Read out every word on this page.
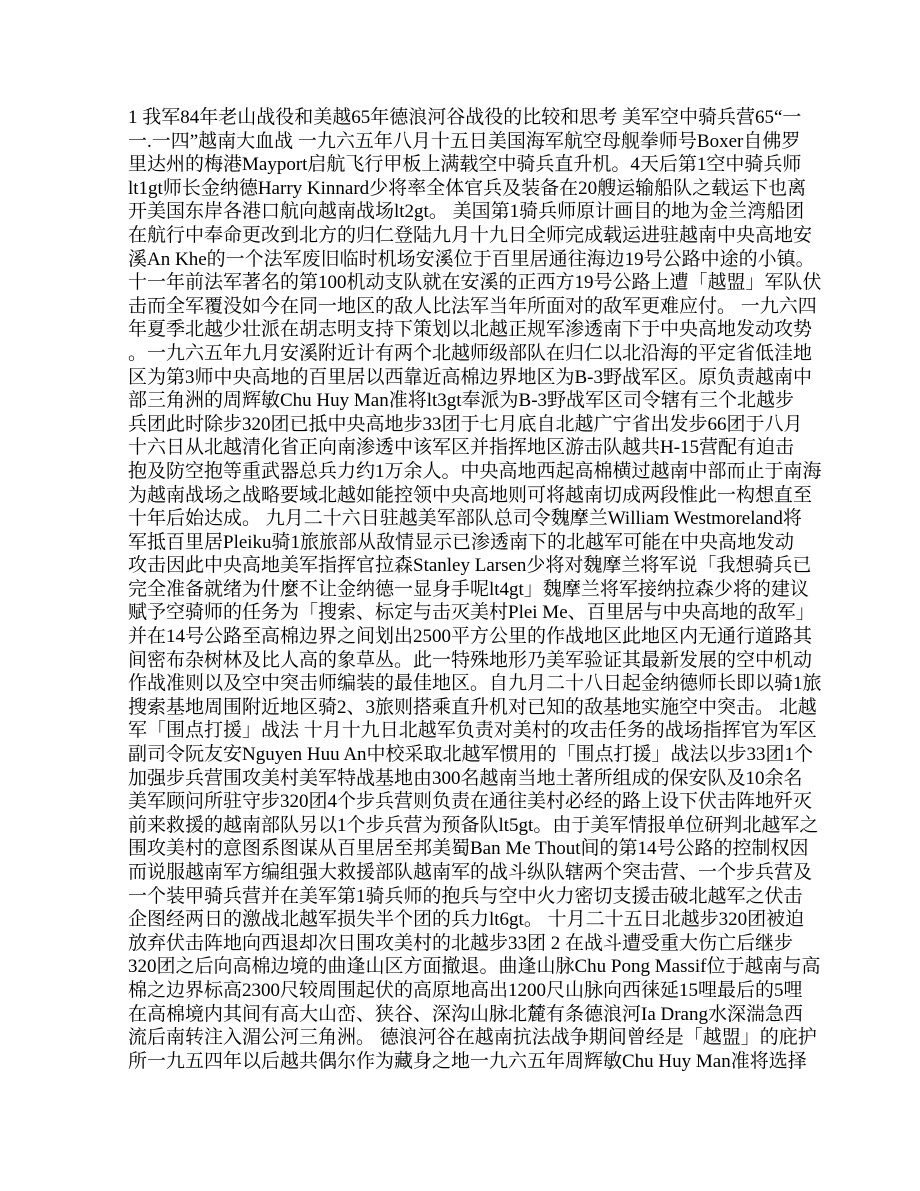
1 我军84年老山战役和美越65年德浪河谷战役的比较和思考 美军空中骑兵营65“一
一.一四”越南大血战 一九六五年八月十五日美国海军航空母舰拳师号Boxer自佛罗
里达州的梅港Mayport启航飞行甲板上满载空中骑兵直升机。4天后第1空中骑兵师
lt1gt师长金纳德Harry Kinnard少将率全体官兵及装备在20艘运输船队之载运下也离
开美国东岸各港口航向越南战场lt2gt。 美国第1骑兵师原计画目的地为金兰湾船团
在航行中奉命更改到北方的归仁登陆九月十九日全师完成载运进驻越南中央高地安
溪An Khe的一个法军废旧临时机场安溪位于百里居通往海边19号公路中途的小镇。
十一年前法军著名的第100机动支队就在安溪的正西方19号公路上遭「越盟」军队伏
击而全军覆没如今在同一地区的敌人比法军当年所面对的敌军更难应付。 一九六四
年夏季北越少壮派在胡志明支持下策划以北越正规军渗透南下于中央高地发动攻势
。一九六五年九月安溪附近计有两个北越师级部队在归仁以北沿海的平定省低洼地
区为第3师中央高地的百里居以西靠近高棉边界地区为B-3野战军区。原负责越南中
部三角洲的周辉敏Chu Huy Man准将lt3gt奉派为B-3野战军区司令辖有三个北越步
兵团此时除步320团已抵中央高地步33团于七月底自北越广宁省出发步66团于八月
十六日从北越清化省正向南渗透中该军区并指挥地区游击队越共H-15营配有迫击
抱及防空抱等重武器总兵力约1万余人。中央高地西起高棉横过越南中部而止于南海
为越南战场之战略要域北越如能控领中央高地则可将越南切成两段惟此一构想直至
十年后始达成。 九月二十六日驻越美军部队总司令魏摩兰William Westmoreland将
军抵百里居Pleiku骑1旅旅部从敌情显示已渗透南下的北越军可能在中央高地发动
攻击因此中央高地美军指挥官拉森Stanley Larsen少将对魏摩兰将军说「我想骑兵已
完全准备就绪为什麼不让金纳德一显身手呢lt4gt」魏摩兰将军接纳拉森少将的建议
赋予空骑师的任务为「搜索、标定与击灭美村Plei Me、百里居与中央高地的敌军」
并在14号公路至高棉边界之间划出2500平方公里的作战地区此地区内无通行道路其
间密布杂树林及比人高的象草丛。此一特殊地形乃美军验证其最新发展的空中机动
作战准则以及空中突击师编装的最佳地区。自九月二十八日起金纳德师长即以骑1旅
搜索基地周围附近地区骑2、3旅则搭乘直升机对已知的敌基地实施空中突击。 北越
军「围点打援」战法 十月十九日北越军负责对美村的攻击任务的战场指挥官为军区
副司令阮友安Nguyen Huu An中校采取北越军惯用的「围点打援」战法以步33团1个
加强步兵营围攻美村美军特战基地由300名越南当地土著所组成的保安队及10余名
美军顾问所驻守步320团4个步兵营则负责在通往美村必经的路上设下伏击阵地歼灭
前来救援的越南部队另以1个步兵营为预备队lt5gt。由于美军情报单位研判北越军之
围攻美村的意图系图谋从百里居至邦美蜀Ban Me Thout间的第14号公路的控制权因
而说服越南军方编组强大救援部队越南军的战斗纵队辖两个突击营、一个步兵营及
一个装甲骑兵营并在美军第1骑兵师的抱兵与空中火力密切支援击破北越军之伏击
企图经两日的激战北越军损失半个团的兵力lt6gt。 十月二十五日北越步320团被迫
放弃伏击阵地向西退却次日围攻美村的北越步33团 2 在战斗遭受重大伤亡后继步
320团之后向高棉边境的曲逢山区方面撤退。曲逢山脉Chu Pong Massif位于越南与高
棉之边界标高2300尺较周围起伏的高原地高出1200尺山脉向西徕延15哩最后的5哩
在高棉境内其间有高大山峦、狭谷、深沟山脉北麓有条德浪河Ia Drang水深湍急西
流后南转注入湄公河三角洲。 德浪河谷在越南抗法战争期间曾经是「越盟」的庇护
所一九五四年以后越共偶尔作为藏身之地一九六五年周辉敏Chu Huy Man准将选择
